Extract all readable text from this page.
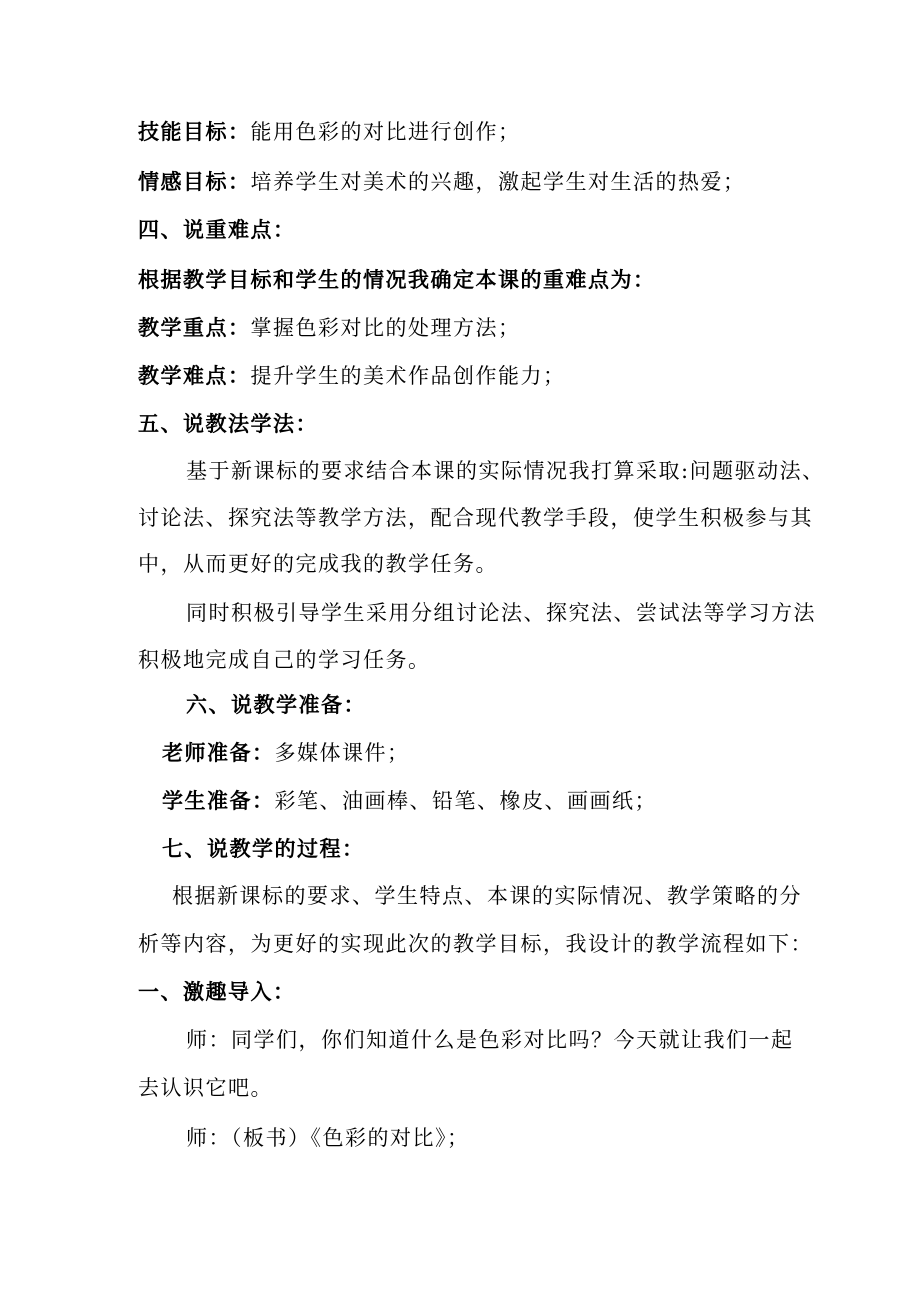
技能目标：能用色彩的对比进行创作；
情感目标：培养学生对美术的兴趣，激起学生对生活的热爱；
四、说重难点：
根据教学目标和学生的情况我确定本课的重难点为：
教学重点：掌握色彩对比的处理方法；
教学难点：提升学生的美术作品创作能力；
五、说教法学法：
基于新课标的要求结合本课的实际情况我打算采取:问题驱动法、
讨论法、探究法等教学方法，配合现代教学手段，使学生积极参与其
中，从而更好的完成我的教学任务。
同时积极引导学生采用分组讨论法、探究法、尝试法等学习方法
积极地完成自己的学习任务。
六、说教学准备：
老师准备：多媒体课件；
学生准备：彩笔、油画棒、铅笔、橡皮、画画纸；
七、说教学的过程：
根据新课标的要求、学生特点、本课的实际情况、教学策略的分
析等内容，为更好的实现此次的教学目标，我设计的教学流程如下：
一、激趣导入：
师：同学们，你们知道什么是色彩对比吗？今天就让我们一起
去认识它吧。
师：（板书）《色彩的对比》；
